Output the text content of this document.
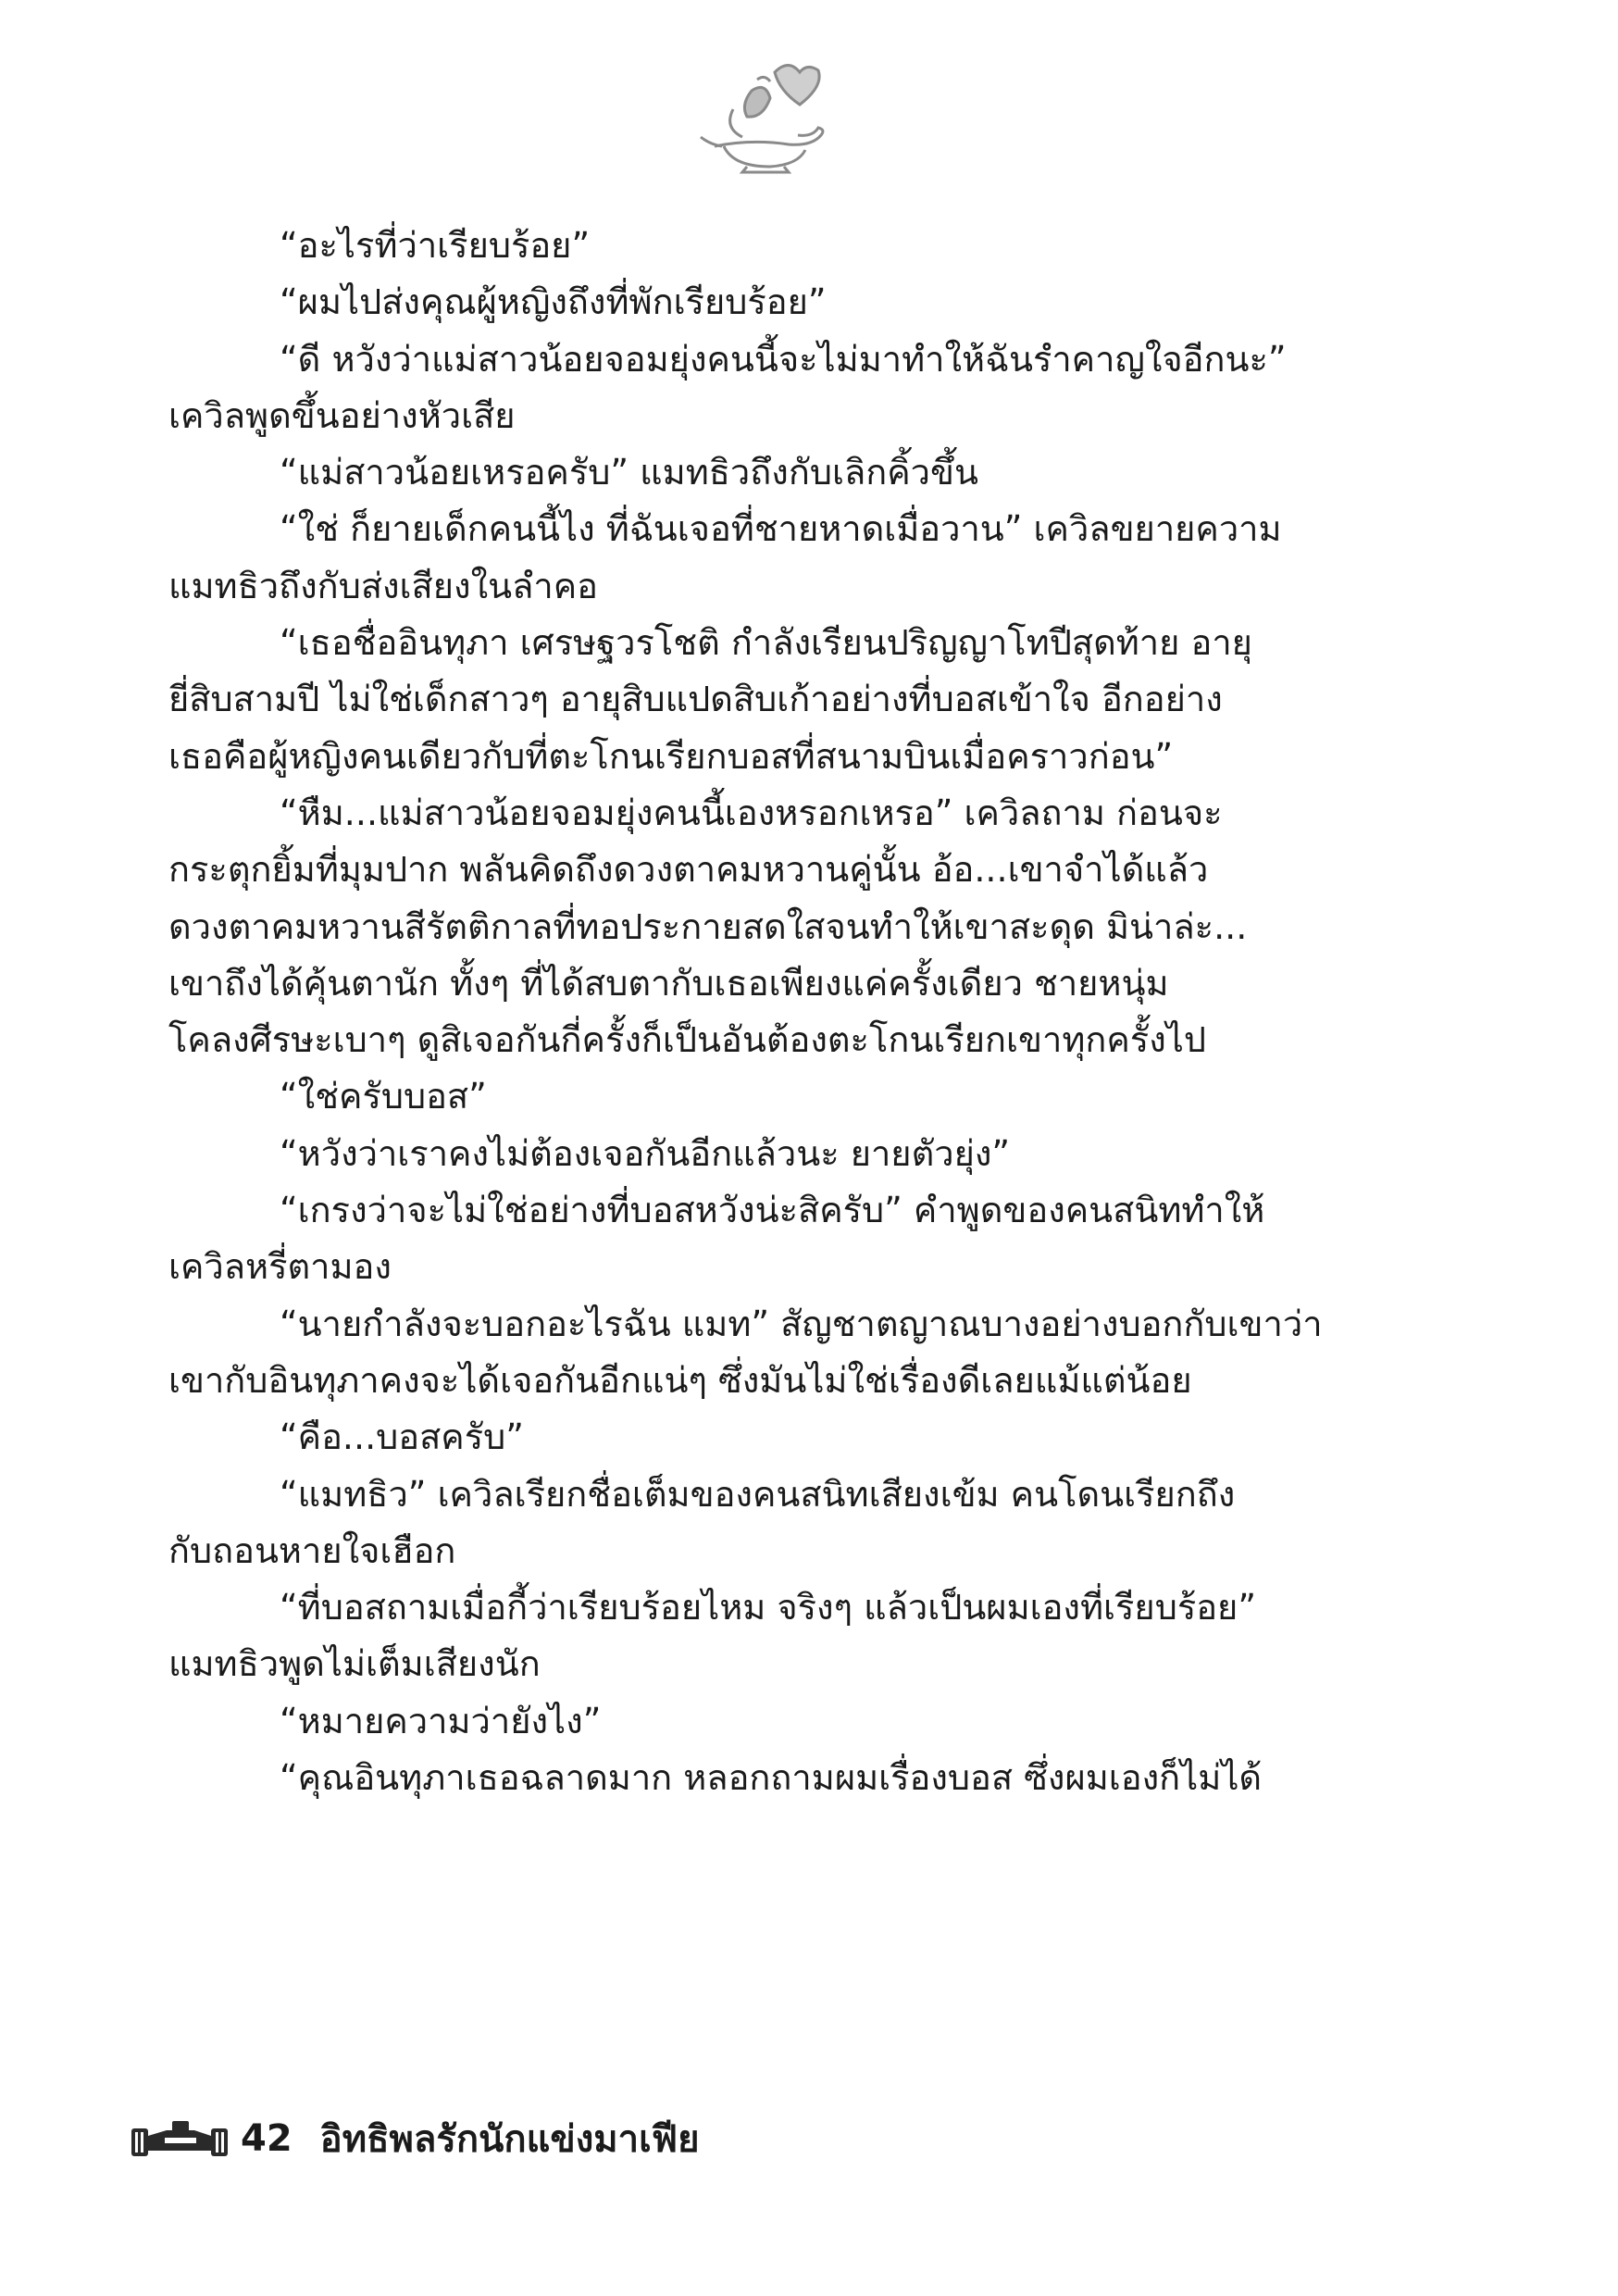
“อะไรที่ว่าเรียบร้อย”

“ผมไปส่งคุณผู้หญิงถึงที่พักเรียบร้อย”

“ดี หวังว่าแม่สาวน้อยจอมยุ่งคนนี้จะไม่มาทำให้ฉันรำคาญใจอีกนะ”

เควิลพูดขึ้นอย่างหัวเสีย

“แม่สาวน้อยเหรอครับ” แมทธิวถึงกับเลิกคิ้วขึ้น

“ใช่ ก็ยายเด็กคนนี้ไง ที่ฉันเจอที่ชายหาดเมื่อวาน” เควิลขยายความ

แมทธิวถึงกับส่งเสียงในลำคอ

“เธอชื่ออินทุภา เศรษฐวรโชติ กำลังเรียนปริญญาโทปีสุดท้าย อายุ

ยี่สิบสามปี ไม่ใช่เด็กสาวๆ อายุสิบแปดสิบเก้าอย่างที่บอสเข้าใจ อีกอย่าง

เธอคือผู้หญิงคนเดียวกับที่ตะโกนเรียกบอสที่สนามบินเมื่อคราวก่อน”

“หืม...แม่สาวน้อยจอมยุ่งคนนี้เองหรอกเหรอ” เควิลถาม ก่อนจะ

กระตุกยิ้มที่มุมปาก พลันคิดถึงดวงตาคมหวานคู่นั้น อ้อ...เขาจำได้แล้ว

ดวงตาคมหวานสีรัตติกาลที่ทอประกายสดใสจนทำให้เขาสะดุด มิน่าล่ะ...

เขาถึงได้คุ้นตานัก ทั้งๆ ที่ได้สบตากับเธอเพียงแค่ครั้งเดียว ชายหนุ่ม

โคลงศีรษะเบาๆ ดูสิเจอกันกี่ครั้งก็เป็นอันต้องตะโกนเรียกเขาทุกครั้งไป

“ใช่ครับบอส”

“หวังว่าเราคงไม่ต้องเจอกันอีกแล้วนะ ยายตัวยุ่ง”

“เกรงว่าจะไม่ใช่อย่างที่บอสหวังน่ะสิครับ” คำพูดของคนสนิททำให้

เควิลหรี่ตามอง

“นายกำลังจะบอกอะไรฉัน แมท” สัญชาตญาณบางอย่างบอกกับเขาว่า

เขากับอินทุภาคงจะได้เจอกันอีกแน่ๆ ซึ่งมันไม่ใช่เรื่องดีเลยแม้แต่น้อย

“คือ...บอสครับ”

“แมทธิว” เควิลเรียกชื่อเต็มของคนสนิทเสียงเข้ม คนโดนเรียกถึง

กับถอนหายใจเฮือก

“ที่บอสถามเมื่อกี้ว่าเรียบร้อยไหม จริงๆ แล้วเป็นผมเองที่เรียบร้อย”

แมทธิวพูดไม่เต็มเสียงนัก

“หมายความว่ายังไง”

“คุณอินทุภาเธอฉลาดมาก หลอกถามผมเรื่องบอส ซึ่งผมเองก็ไม่ได้

42 อิทธิพลรักนักแข่งมาเฟีย
